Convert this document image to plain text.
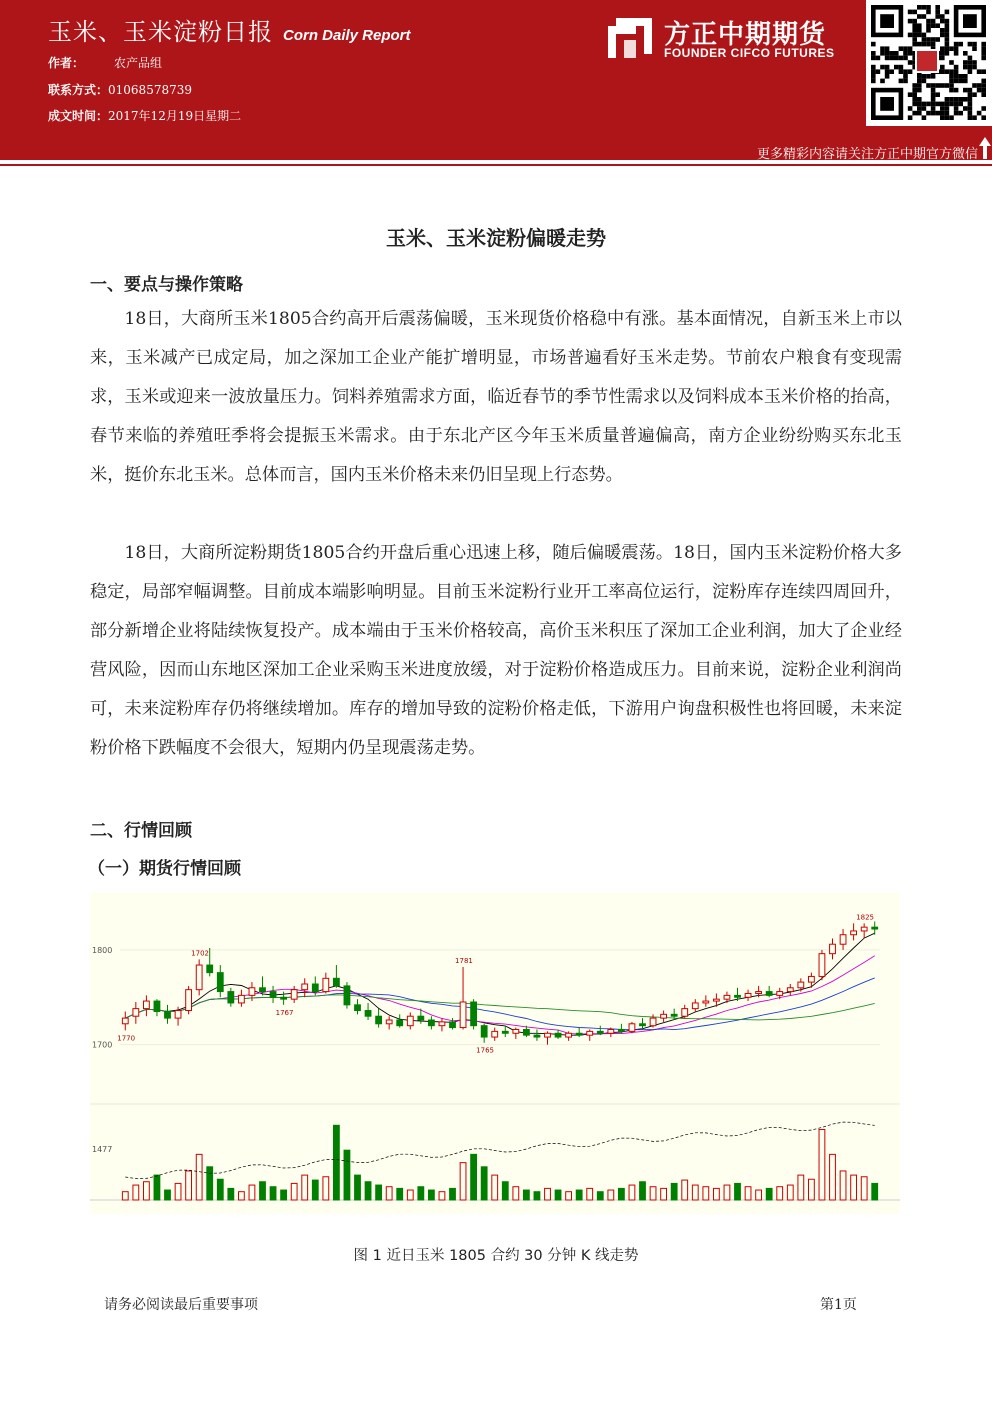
玉米、玉米淀粉日报 Corn Daily Report
作者：	农产品组
联系方式：01068578739
成文时间：2017年12月19日星期二
方正中期期货
FOUNDER CIFCO FUTURES
更多精彩内容请关注方正中期官方微信
玉米、玉米淀粉偏暖走势
一、要点与操作策略
18日，大商所玉米1805合约高开后震荡偏暖，玉米现货价格稳中有涨。基本面情况，自新玉米上市以来，玉米减产已成定局，加之深加工企业产能扩增明显，市场普遍看好玉米走势。节前农户粮食有变现需求，玉米或迎来一波放量压力。饲料养殖需求方面，临近春节的季节性需求以及饲料成本玉米价格的抬高，春节来临的养殖旺季将会提振玉米需求。由于东北产区今年玉米质量普遍偏高，南方企业纷纷购买东北玉米，挺价东北玉米。总体而言，国内玉米价格未来仍旧呈现上行态势。
18日，大商所淀粉期货1805合约开盘后重心迅速上移，随后偏暖震荡。18日，国内玉米淀粉价格大多稳定，局部窄幅调整。目前成本端影响明显。目前玉米淀粉行业开工率高位运行，淀粉库存连续四周回升，部分新增企业将陆续恢复投产。成本端由于玉米价格较高，高价玉米积压了深加工企业利润，加大了企业经营风险，因而山东地区深加工企业采购玉米进度放缓，对于淀粉价格造成压力。目前来说，淀粉企业利润尚可，未来淀粉库存仍将继续增加。库存的增加导致的淀粉价格走低，下游用户询盘积极性也将回暖，未来淀粉价格下跌幅度不会很大，短期内仍呈现震荡走势。
二、行情回顾
（一）期货行情回顾
1800
1700
1477
1702
1781
1767
1765
1825
1770
图 1 近日玉米 1805 合约 30 分钟 K 线走势
请务必阅读最后重要事项	第1页
